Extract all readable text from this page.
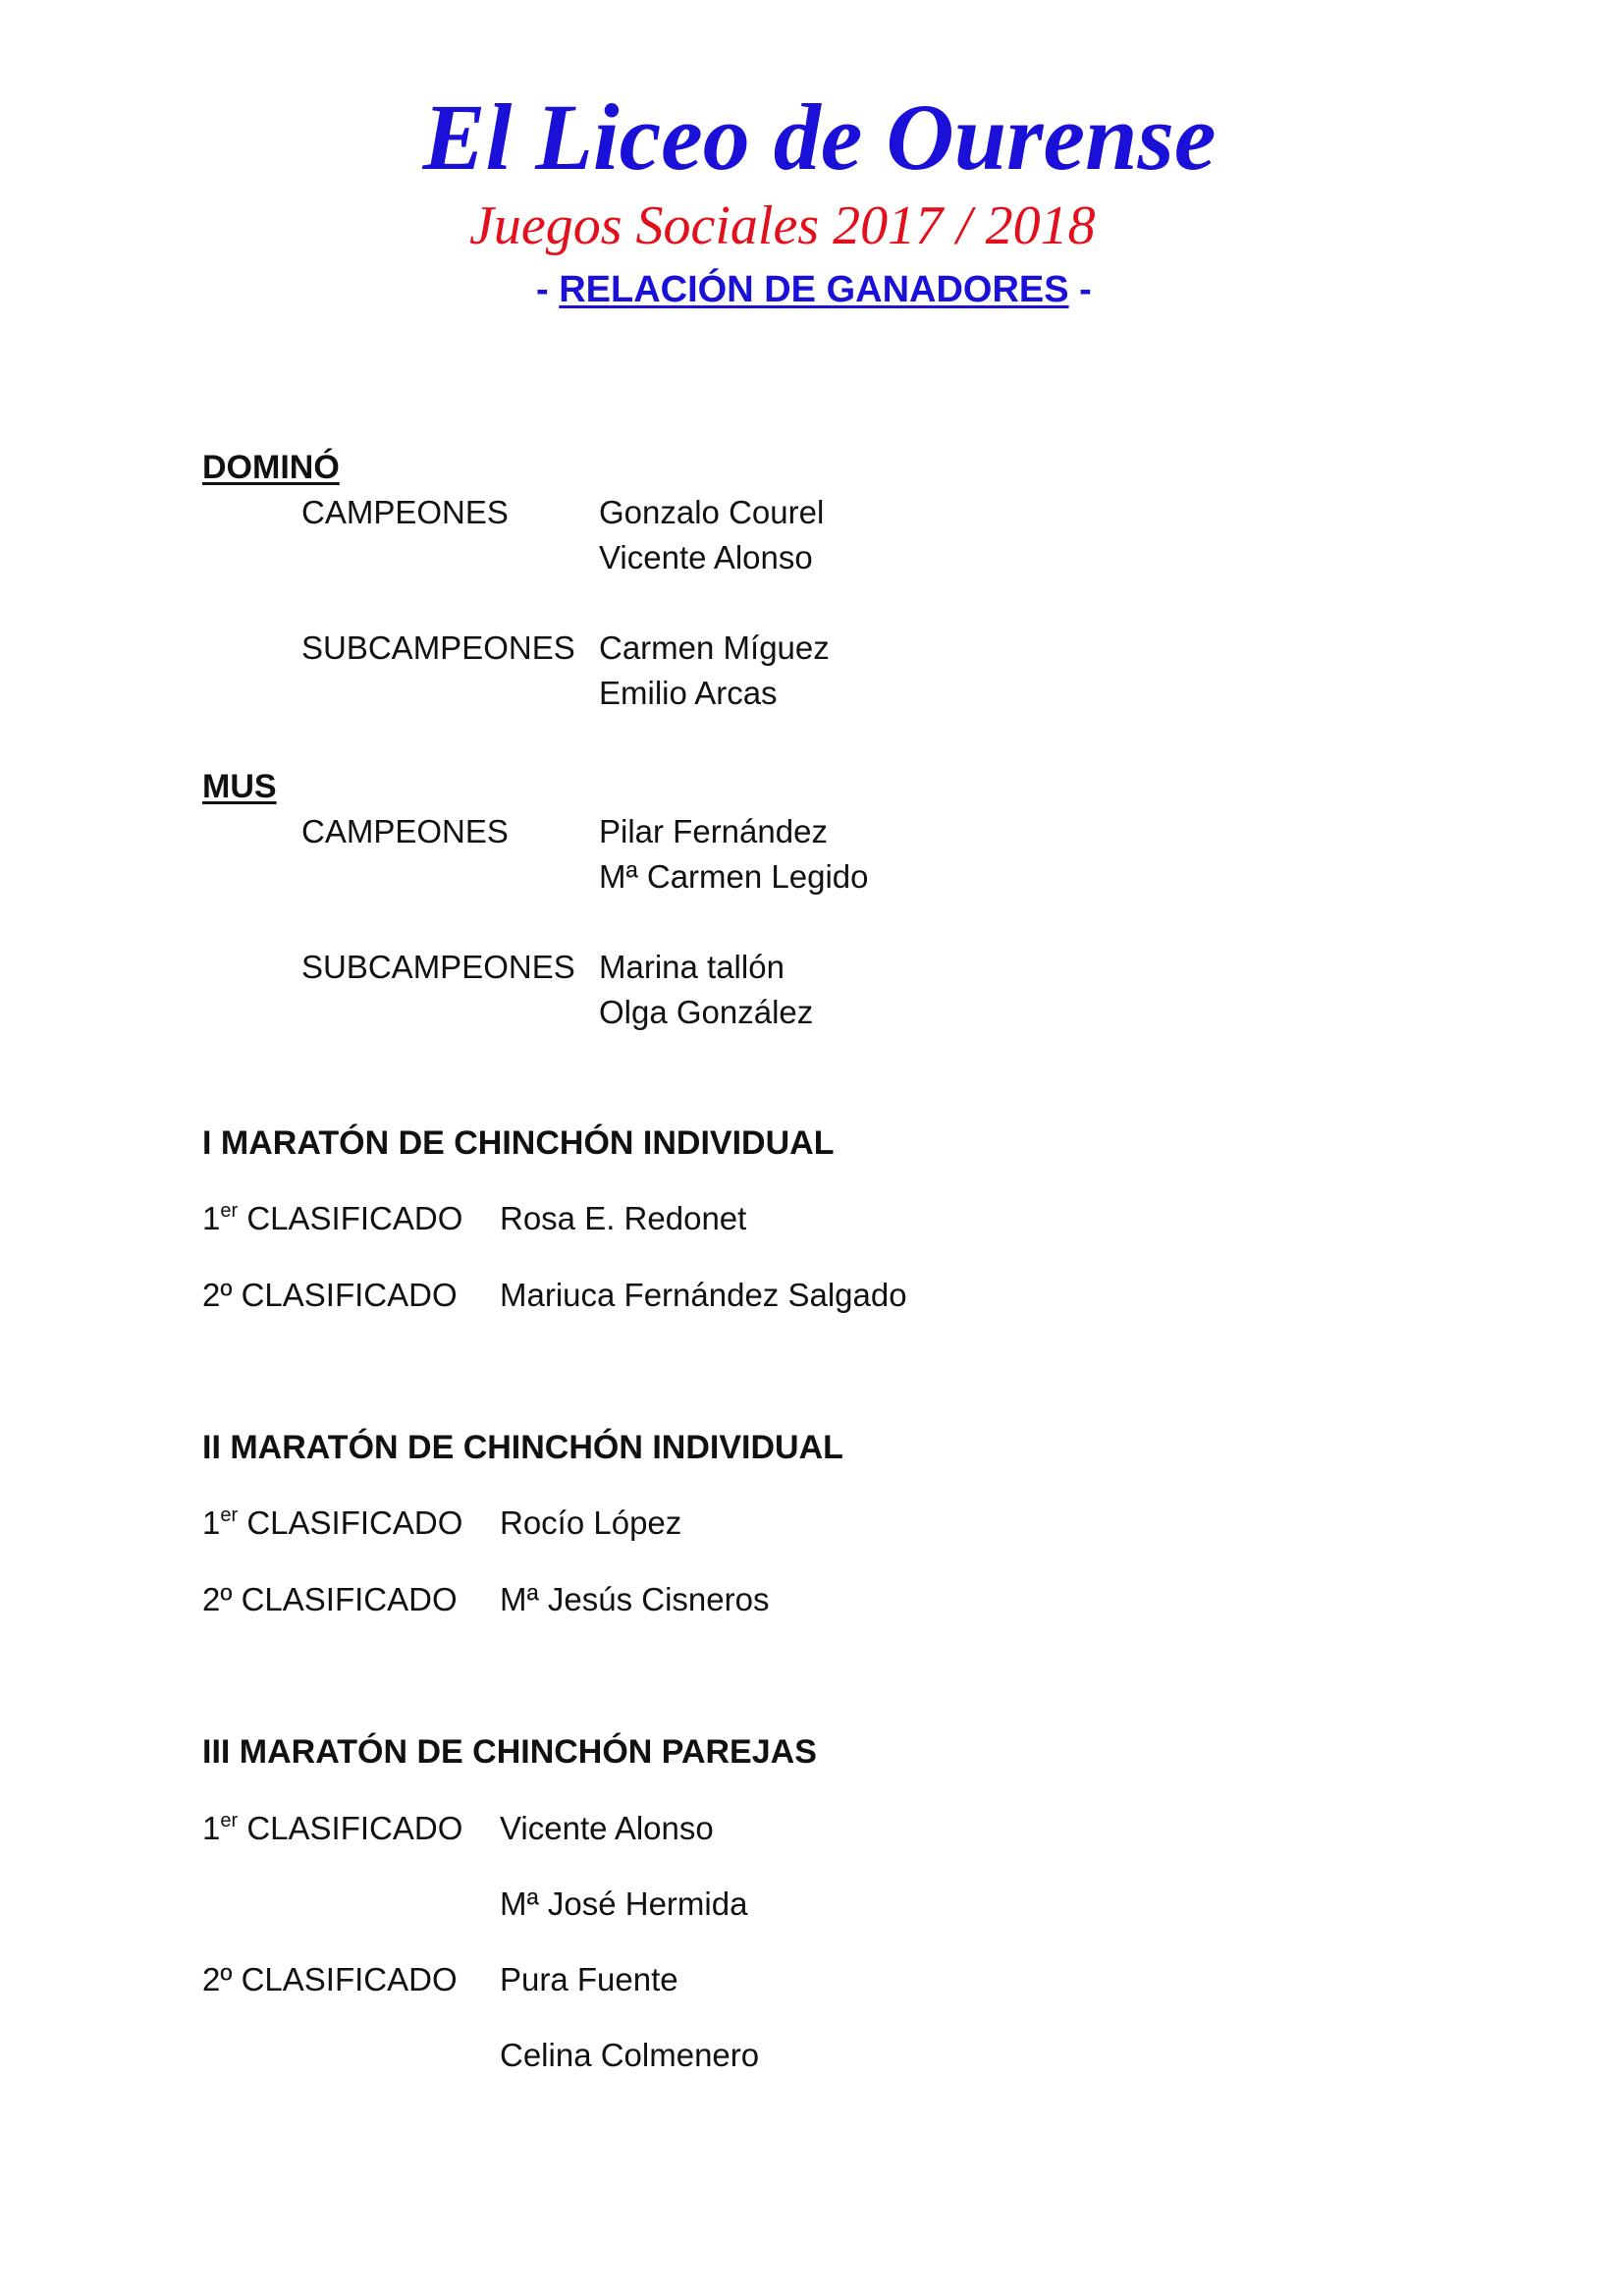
El Liceo de Ourense
Juegos Sociales 2017 / 2018
- RELACIÓN DE GANADORES -
DOMINÓ
CAMPEONES	Gonzalo Courel
Vicente Alonso
SUBCAMPEONES Carmen Míguez
Emilio Arcas
MUS
CAMPEONES	Pilar Fernández
Mª Carmen Legido
SUBCAMPEONES Marina tallón
Olga González
I MARATÓN DE CHINCHÓN INDIVIDUAL
1er CLASIFICADO Rosa E. Redonet
2º CLASIFICADO Mariuca Fernández Salgado
II MARATÓN DE CHINCHÓN INDIVIDUAL
1er CLASIFICADO Rocío López
2º CLASIFICADO Mª Jesús Cisneros
III MARATÓN DE CHINCHÓN PAREJAS
1er CLASIFICADO Vicente Alonso
Mª José Hermida
2º CLASIFICADO Pura Fuente
Celina Colmenero
